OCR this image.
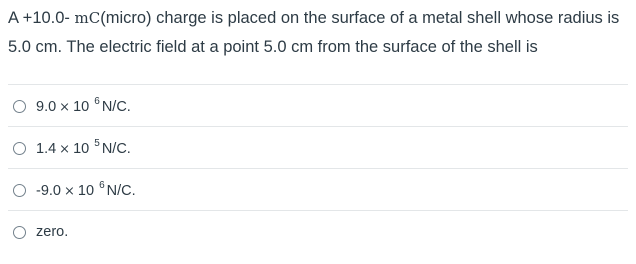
A +10.0- mC(micro) charge is placed on the surface of a metal shell whose radius is 5.0 cm. The electric field at a point 5.0 cm from the surface of the shell is
9.0 × 10 $^6$ N/C.
1.4 × 10 $^5$ N/C.
-9.0 × 10 $^6$ N/C.
zero.
